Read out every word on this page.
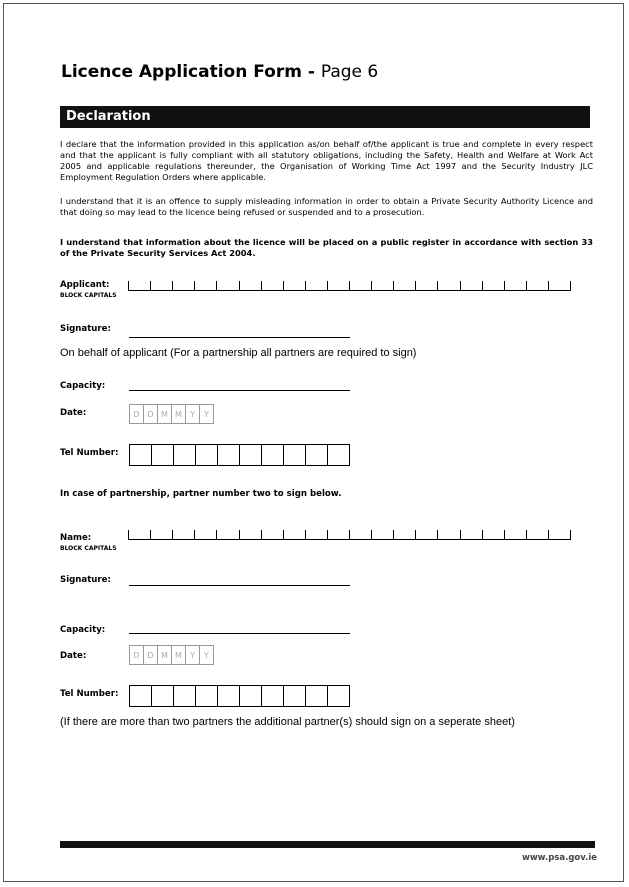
Licence Application Form - Page 6
Declaration

I declare that the information provided in this application as/on behalf of/the applicant is true and complete in every respect and that the applicant is fully compliant with all statutory obligations, including the Safety, Health and Welfare at Work Act 2005 and applicable regulations thereunder, the Organisation of Working Time Act 1997 and the Security Industry JLC Employment Regulation Orders where applicable.

I understand that it is an offence to supply misleading information in order to obtain a Private Security Authority Licence and that doing so may lead to the licence being refused or suspended and to a prosecution.

I understand that information about the licence will be placed on a public register in accordance with section 33 of the Private Security Services Act 2004.

Applicant:
BLOCK CAPITALS
Signature:
On behalf of applicant (For a partnership all partners are required to sign)
Capacity:
Date:	D D M M	Y	Y
Tel Number:
In case of partnership, partner number two to sign below.
Name:
BLOCK CAPITALS
Signature:
Capacity:
Date:	D D M M	Y	Y
Tel Number:
(If there are more than two partners the additional partner(s) should sign on a seperate sheet)
www.psa.gov.ie
